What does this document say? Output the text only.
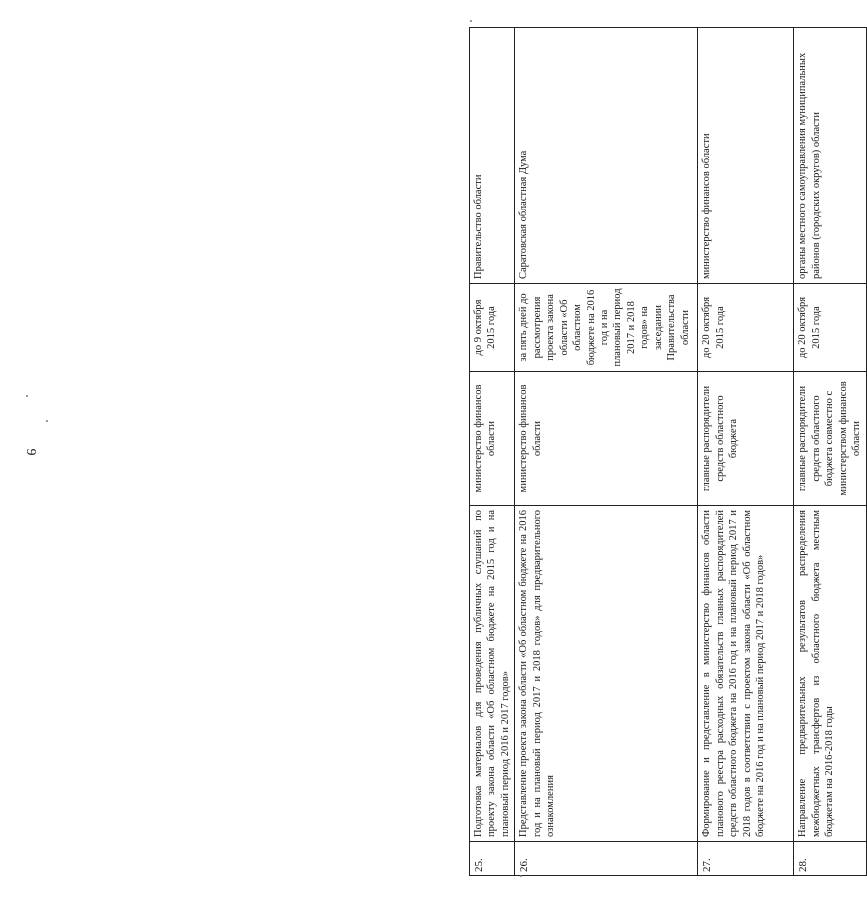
9
25.	Подготовка материалов для проведения публичных слушаний по проекту закона области «Об областном бюджете на 2015 год и на плановый период 2016 и 2017 годов»	министерство финансов области	до 9 октября 2015 года	Правительство области
26.	Представление проекта закона области «Об областном бюджете на 2016 год и на плановый период 2017 и 2018 годов» для предварительного ознакомления	министерство финансов области	за пять дней до рассмотрения проекта закона области «Об областном бюджете на 2016 год и на плановый период 2017 и 2018 годов» на заседании Правительства области	Саратовская областная Дума
27.	Формирование и представление в министерство финансов области планового реестра расходных обязательств главных распорядителей средств областного бюджета на 2016 год и на плановый период 2017 и 2018 годов в соответствии с проектом закона области «Об областном бюджете на 2016 год и на плановый период 2017 и 2018 годов»	главные распорядители средств областного бюджета	до 20 октября 2015 года	министерство финансов области
28.	Направление предварительных результатов распределения межбюджетных трансфертов из областного бюджета местным бюджетам на 2016-2018 годы	главные распорядители средств областного бюджета совместно с министерством финансов области	до 20 октября 2015 года	органы местного самоуправления муниципальных районов (городских округов) области
